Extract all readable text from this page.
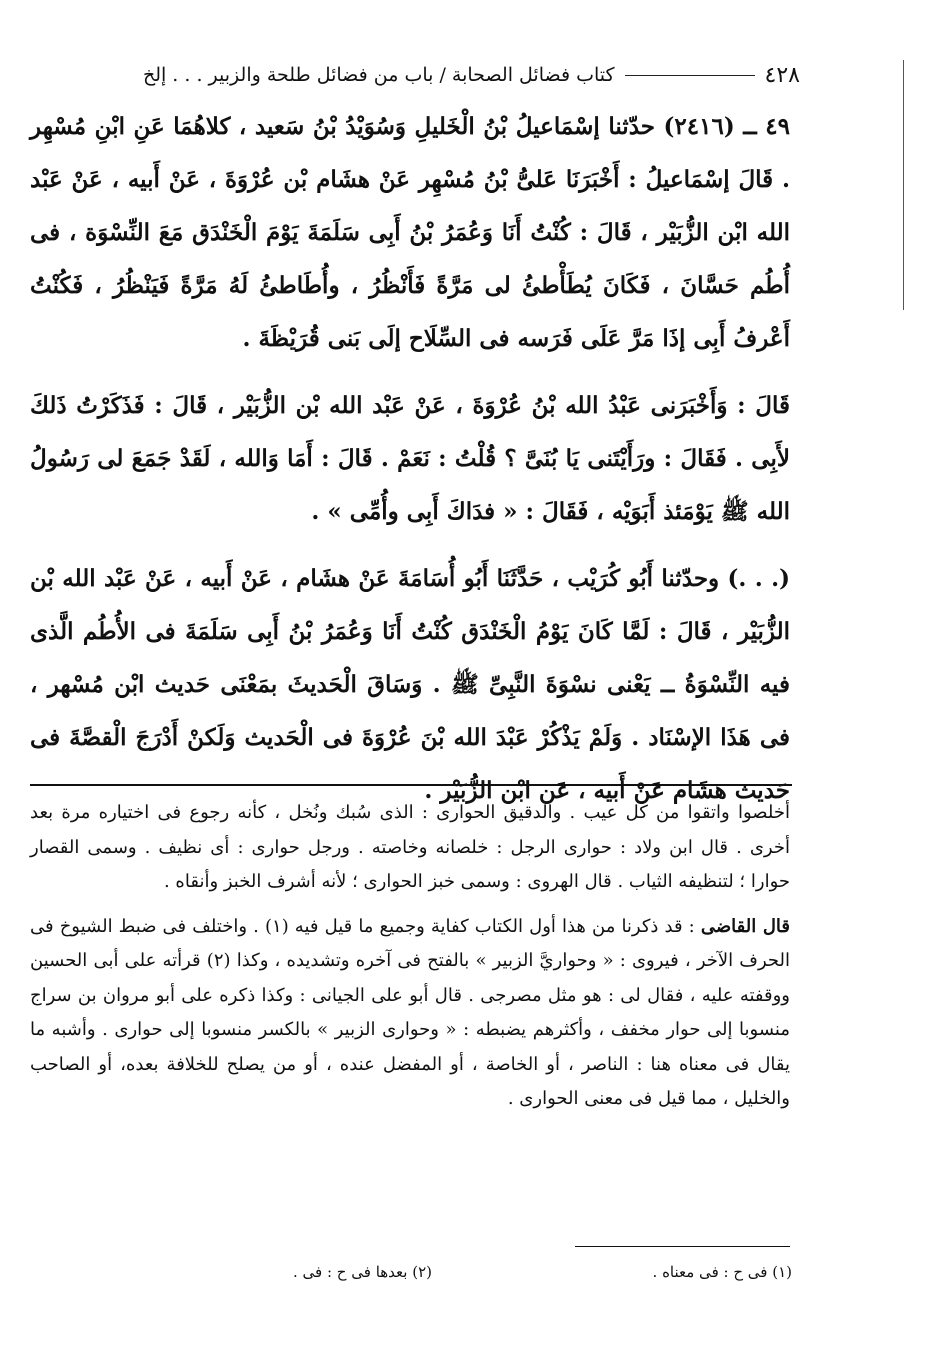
٤٢٨
كتاب فضائل الصحابة / باب من فضائل طلحة والزبير . . . إلخ

٤٩ ــ (٢٤١٦) حدّثنا إسْمَاعيلُ بْنُ الْخَليلِ وَسُوَيْدُ بْنُ سَعيد ، كلاهُمَا عَنِ ابْنِ مُسْهِر . قَالَ إسْمَاعيلُ : أَخْبَرَنَا عَلىُّ بْنُ مُسْهِر عَنْ هشَام بْن عُرْوَةَ ، عَنْ أَبيه ، عَنْ عَبْد الله ابْن الزُّبَيْر ، قَالَ : كُنْتُ أَنَا وَعُمَرُ بْنُ أَبِى سَلَمَةَ يَوْمَ الْخَنْدَق مَعَ النِّسْوَة ، فى أُطُم حَسَّانَ ، فَكَانَ يُطَأْطئُ لى مَرَّةً فَأَنْظُرُ ، وأُطَاطئُ لَهُ مَرَّةً فَيَنْظُرُ ، فَكُنْتُ أَعْرفُ أَبِى إذَا مَرَّ عَلَى فَرَسه فى السِّلَاح إلَى بَنى قُرَيْظَةَ .

قَالَ : وَأَخْبَرَنى عَبْدُ الله بْنُ عُرْوَةَ ، عَنْ عَبْد الله بْن الزُّبَيْر ، قَالَ : فَذَكَرْتُ ذَلكَ لأَبِى . فَقَالَ : ورَأَيْتَنى يَا بُنَىَّ ؟ قُلْتُ : نَعَمْ . قَالَ : أَمَا وَالله ، لَقَدْ جَمَعَ لى رَسُولُ الله ﷺ يَوْمَئذ أَبَوَيْه ، فَقَالَ : « فدَاكَ أَبِى وأُمِّى » .

(. . .) وحدّثنا أَبُو كُرَيْب ، حَدَّثَنَا أَبُو أُسَامَةَ عَنْ هشَام ، عَنْ أَبيه ، عَنْ عَبْد الله بْن الزُّبَيْر ، قَالَ : لَمَّا كَانَ يَوْمُ الْخَنْدَق كُنْتُ أَنَا وَعُمَرُ بْنُ أَبِى سَلَمَةَ فى الأُطُم الَّذى فيه النِّسْوَةُ ــ يَعْنى نسْوَةَ النَّبِىِّ ﷺ . وَسَاقَ الْحَديثَ بمَعْنَى حَديث ابْن مُسْهر ، فى هَذَا الإسْنَاد . وَلَمْ يَذْكُرْ عَبْدَ الله بْنَ عُرْوَةَ فى الْحَديث وَلَكنْ أَدْرَجَ الْقصَّةَ فى حَديث هشَام عَنْ أَبيه ، عَن ابْن الزُّبَيْر .

أخلصوا واتقوا من كل عيب . والدقيق الحوارى : الذى سُبك ونُخل ، كأنه رجوع فى اختياره مرة بعد أخرى . قال ابن ولاد : حوارى الرجل : خلصانه وخاصته . ورجل حوارى : أى نظيف . وسمى القصار حوارا ؛ لتنظيفه الثياب . قال الهروى : وسمى خبز الحوارى ؛ لأنه أشرف الخبز وأنقاه .

قال القاضى : قد ذكرنا من هذا أول الكتاب كفاية وجميع ما قيل فيه (١) . واختلف فى ضبط الشيوخ فى الحرف الآخر ، فيروى : « وحواريَّ الزبير » بالفتح فى آخره وتشديده ، وكذا (٢) قرأته على أبى الحسين ووقفته عليه ، فقال لى : هو مثل مصرجى . قال أبو على الجيانى : وكذا ذكره على أبو مروان بن سراج منسوبا إلى حوار مخفف ، وأكثرهم يضبطه : « وحوارى الزبير » بالكسر منسوبا إلى حوارى . وأشبه ما يقال فى معناه هنا : الناصر ، أو الخاصة ، أو المفضل عنده ، أو من يصلح للخلافة بعده، أو الصاحب والخليل ، مما قيل فى معنى الحوارى .

(١) فى ح : فى معناه .
(٢) بعدها فى ح : فى .
